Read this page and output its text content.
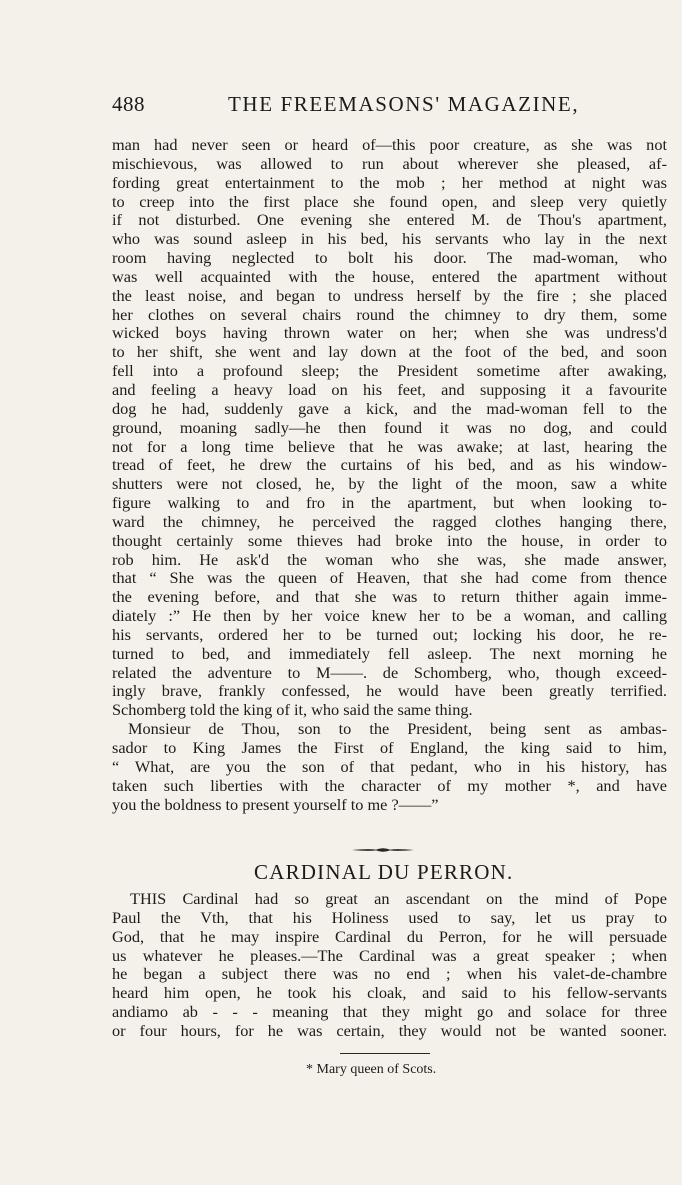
488	THE FREEMASONS' MAGAZINE,
man had never seen or heard of—this poor creature, as she was not
mischievous, was allowed to run about wherever she pleased, af-
fording great entertainment to the mob ; her method at night was
to creep into the first place she found open, and sleep very quietly
if not disturbed. One evening she entered M. de Thou's apartment,
who was sound asleep in his bed, his servants who lay in the next
room having neglected to bolt his door. The mad-woman, who
was well acquainted with the house, entered the apartment without
the least noise, and began to undress herself by the fire ; she placed
her clothes on several chairs round the chimney to dry them, some
wicked boys having thrown water on her; when she was undress'd
to her shift, she went and lay down at the foot of the bed, and soon
fell into a profound sleep; the President sometime after awaking,
and feeling a heavy load on his feet, and supposing it a favourite
dog he had, suddenly gave a kick, and the mad-woman fell to the
ground, moaning sadly—he then found it was no dog, and could
not for a long time believe that he was awake; at last, hearing the
tread of feet, he drew the curtains of his bed, and as his window-
shutters were not closed, he, by the light of the moon, saw a white
figure walking to and fro in the apartment, but when looking to-
ward the chimney, he perceived the ragged clothes hanging there,
thought certainly some thieves had broke into the house, in order to
rob him. He ask'd the woman who she was, she made answer,
that “ She was the queen of Heaven, that she had come from thence
the evening before, and that she was to return thither again imme-
diately :” He then by her voice knew her to be a woman, and calling
his servants, ordered her to be turned out; locking his door, he re-
turned to bed, and immediately fell asleep. The next morning he
related the adventure to M——. de Schomberg, who, though exceed-
ingly brave, frankly confessed, he would have been greatly terrified.
Schomberg told the king of it, who said the same thing.
Monsieur de Thou, son to the President, being sent as ambas-
sador to King James the First of England, the king said to him,
“ What, are you the son of that pedant, who in his history, has
taken such liberties with the character of my mother *, and have
you the boldness to present yourself to me ?——”
CARDINAL DU PERRON.
THIS Cardinal had so great an ascendant on the mind of Pope
Paul the Vth, that his Holiness used to say, let us pray to
God, that he may inspire Cardinal du Perron, for he will persuade
us whatever he pleases.—The Cardinal was a great speaker ; when
he began a subject there was no end ; when his valet-de-chambre
heard him open, he took his cloak, and said to his fellow-servants
andiamo ab - - - meaning that they might go and solace for three
or four hours, for he was certain, they would not be wanted sooner.
* Mary queen of Scots.
